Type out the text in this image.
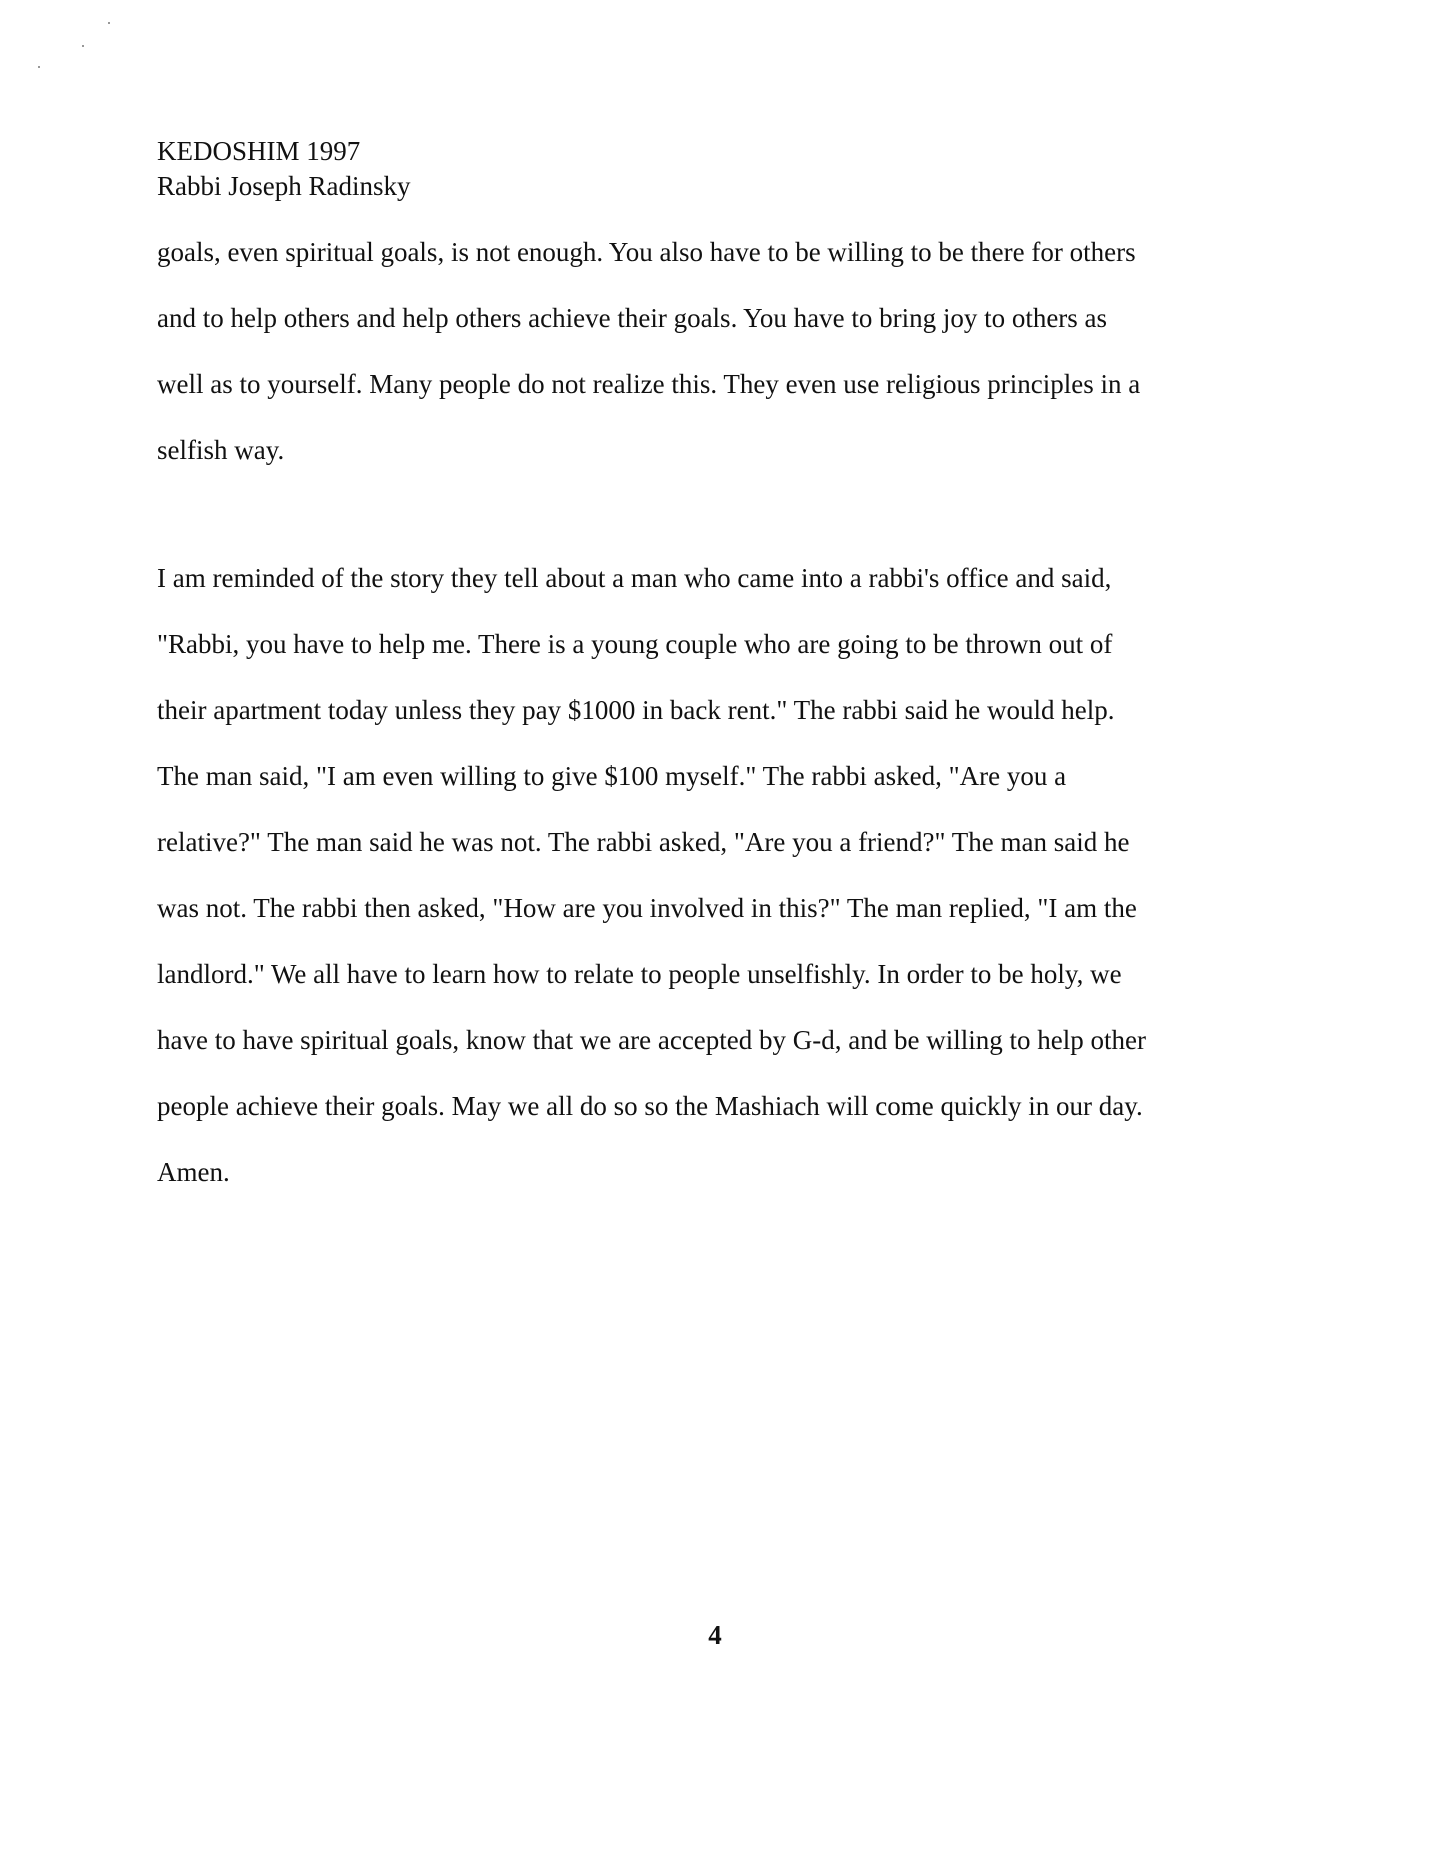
KEDOSHIM 1997
Rabbi Joseph Radinsky
goals, even spiritual goals, is not enough. You also have to be willing to be there for others
and to help others and help others achieve their goals. You have to bring joy to others as
well as to yourself. Many people do not realize this. They even use religious principles in a
selfish way.
I am reminded of the story they tell about a man who came into a rabbi's office and said,
"Rabbi, you have to help me. There is a young couple who are going to be thrown out of
their apartment today unless they pay $1000 in back rent." The rabbi said he would help.
The man said, "I am even willing to give $100 myself." The rabbi asked, "Are you a
relative?" The man said he was not. The rabbi asked, "Are you a friend?" The man said he
was not. The rabbi then asked, "How are you involved in this?" The man replied, "I am the
landlord." We all have to learn how to relate to people unselfishly. In order to be holy, we
have to have spiritual goals, know that we are accepted by G-d, and be willing to help other
people achieve their goals. May we all do so so the Mashiach will come quickly in our day.
Amen.
4
